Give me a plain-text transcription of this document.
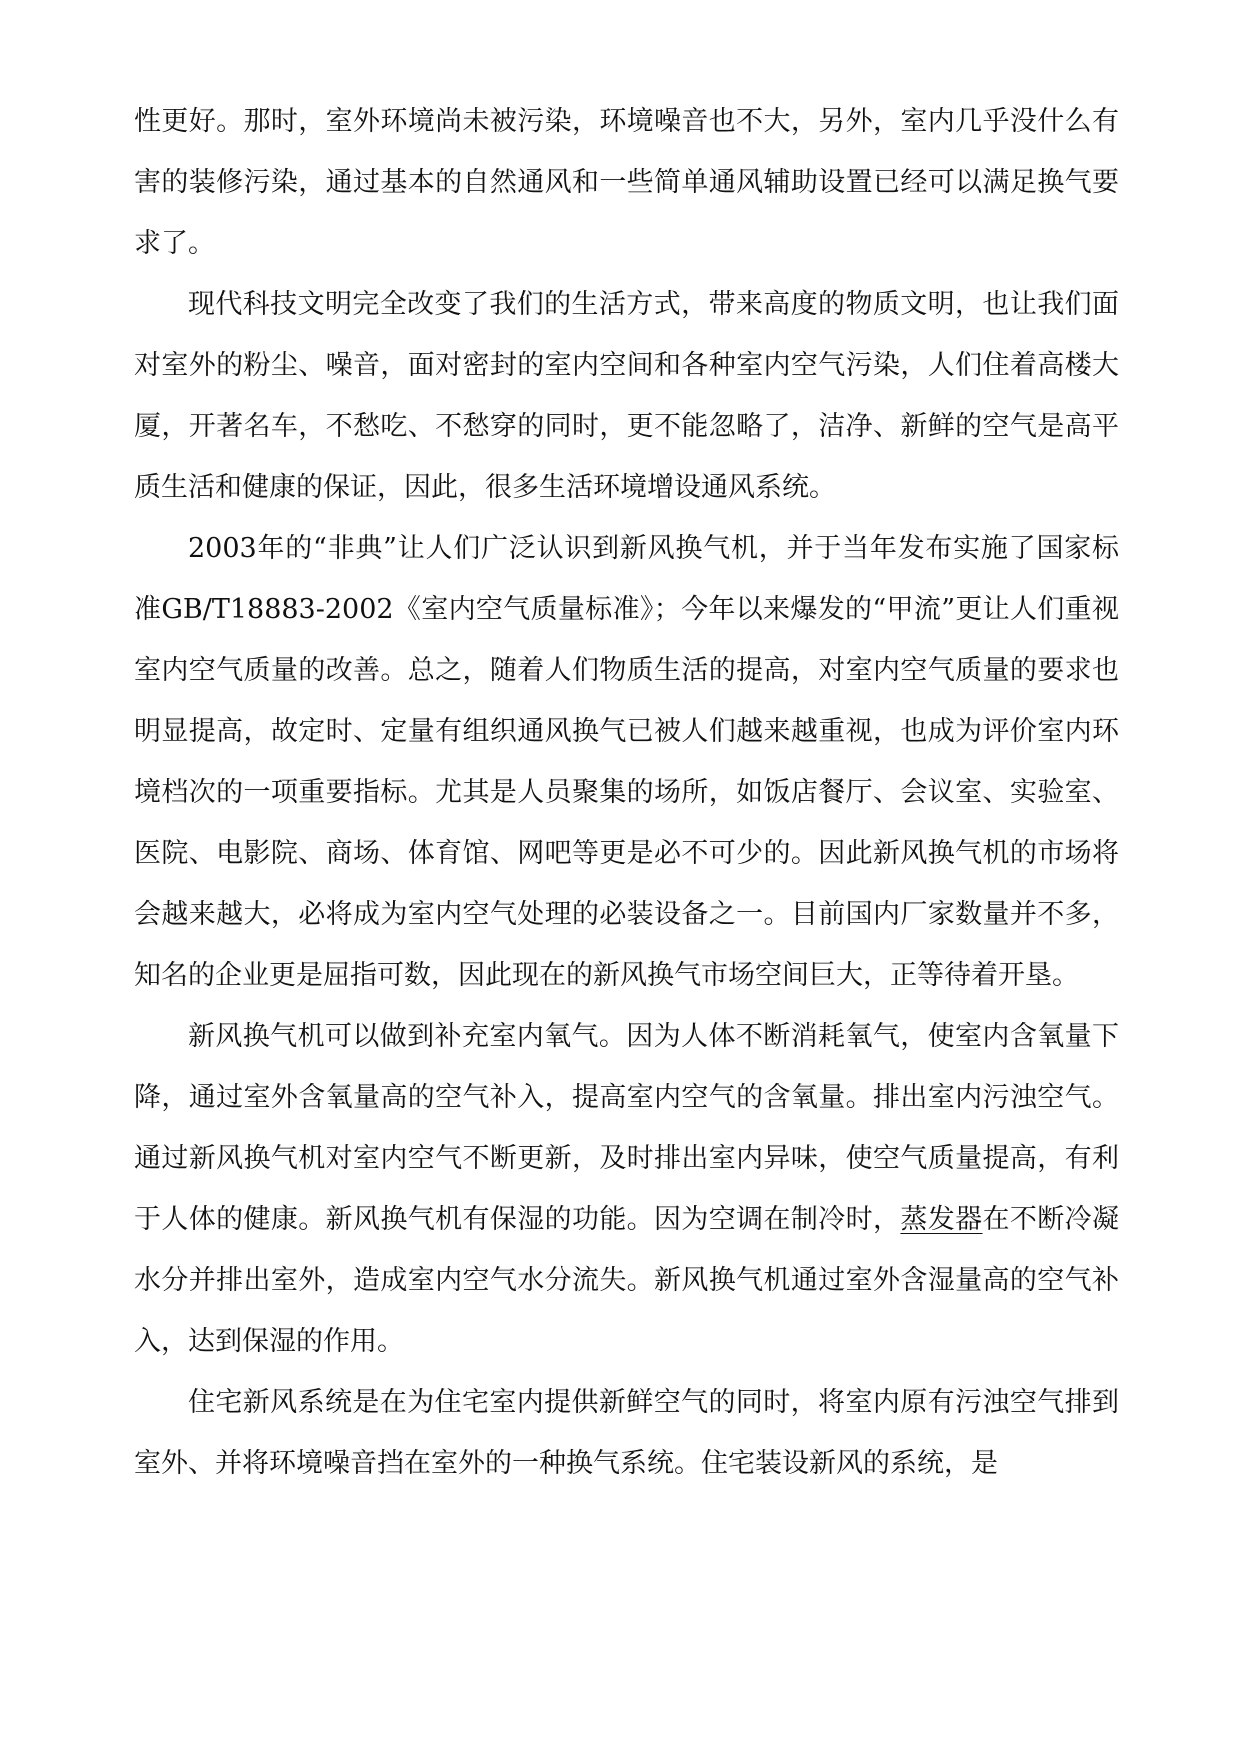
性更好。那时，室外环境尚未被污染，环境噪音也不大，另外，室内几乎没什么有害的装修污染，通过基本的自然通风和一些简单通风辅助设置已经可以满足换气要求了。

现代科技文明完全改变了我们的生活方式，带来高度的物质文明，也让我们面对室外的粉尘、噪音，面对密封的室内空间和各种室内空气污染，人们住着高楼大厦，开著名车，不愁吃、不愁穿的同时，更不能忽略了，洁净、新鲜的空气是高平质生活和健康的保证，因此，很多生活环境增设通风系统。

2003年的“非典”让人们广泛认识到新风换气机，并于当年发布实施了国家标准GB/T18883-2002《室内空气质量标准》；今年以来爆发的“甲流”更让人们重视室内空气质量的改善。总之，随着人们物质生活的提高，对室内空气质量的要求也明显提高，故定时、定量有组织通风换气已被人们越来越重视，也成为评价室内环境档次的一项重要指标。尤其是人员聚集的场所，如饭店餐厅、会议室、实验室、医院、电影院、商场、体育馆、网吧等更是必不可少的。因此新风换气机的市场将会越来越大，必将成为室内空气处理的必装设备之一。目前国内厂家数量并不多，知名的企业更是屈指可数，因此现在的新风换气市场空间巨大，正等待着开垦。

新风换气机可以做到补充室内氧气。因为人体不断消耗氧气，使室内含氧量下降，通过室外含氧量高的空气补入，提高室内空气的含氧量。排出室内污浊空气。通过新风换气机对室内空气不断更新，及时排出室内异味，使空气质量提高，有利于人体的健康。新风换气机有保湿的功能。因为空调在制冷时，蒸发器在不断冷凝水分并排出室外，造成室内空气水分流失。新风换气机通过室外含湿量高的空气补入，达到保湿的作用。

住宅新风系统是在为住宅室内提供新鲜空气的同时，将室内原有污浊空气排到室外、并将环境噪音挡在室外的一种换气系统。住宅装设新风的系统，是
